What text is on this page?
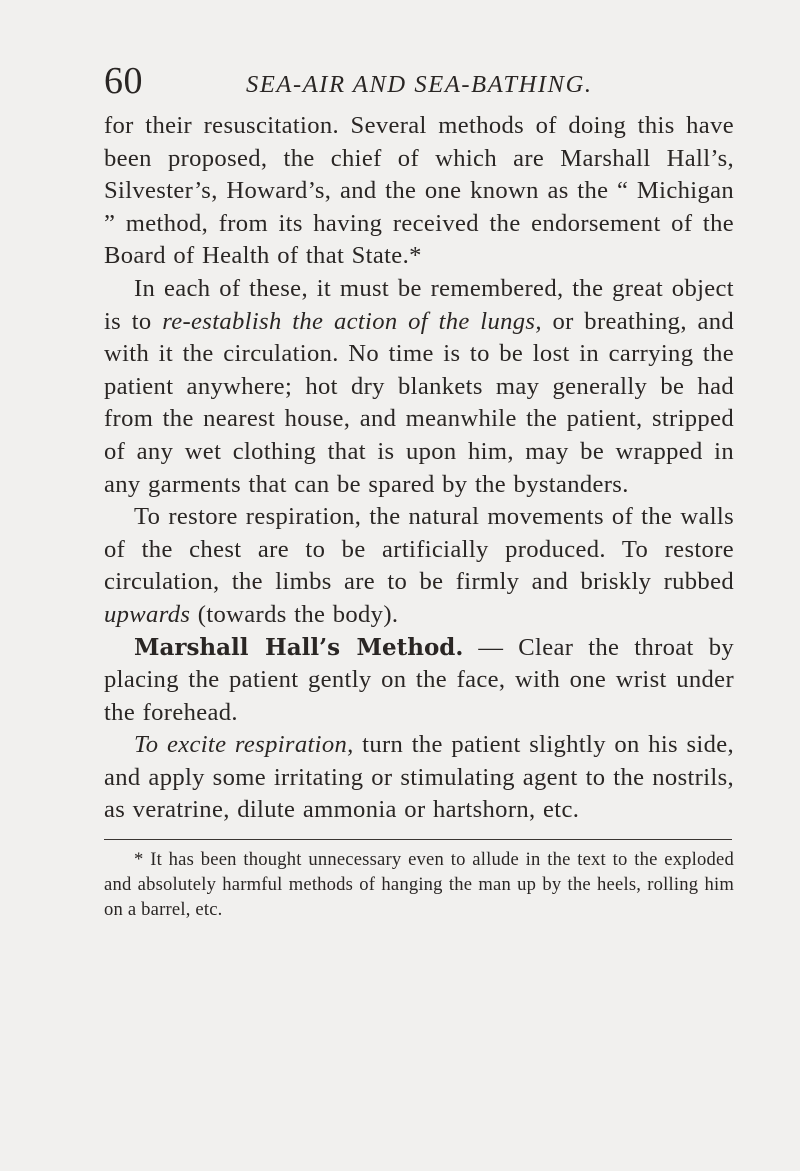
60	SEA-AIR AND SEA-BATHING.

for their resuscitation. Several methods of doing this have been proposed, the chief of which are Marshall Hall’s, Silvester’s, Howard’s, and the one known as the “ Michigan ” method, from its having received the endorsement of the Board of Health of that State.*

In each of these, it must be remembered, the great object is to re-establish the action of the lungs, or breathing, and with it the circulation. No time is to be lost in carrying the patient anywhere; hot dry blankets may generally be had from the nearest house, and meanwhile the patient, stripped of any wet clothing that is upon him, may be wrapped in any garments that can be spared by the bystanders.

To restore respiration, the natural movements of the walls of the chest are to be artificially produced. To restore circulation, the limbs are to be firmly and briskly rubbed upwards (towards the body).

Marshall Hall’s Method. — Clear the throat by placing the patient gently on the face, with one wrist under the forehead.

To excite respiration, turn the patient slightly on his side, and apply some irritating or stimulating agent to the nostrils, as veratrine, dilute ammonia or hartshorn, etc.

* It has been thought unnecessary even to allude in the text to the exploded and absolutely harmful methods of hanging the man up by the heels, rolling him on a barrel, etc.
